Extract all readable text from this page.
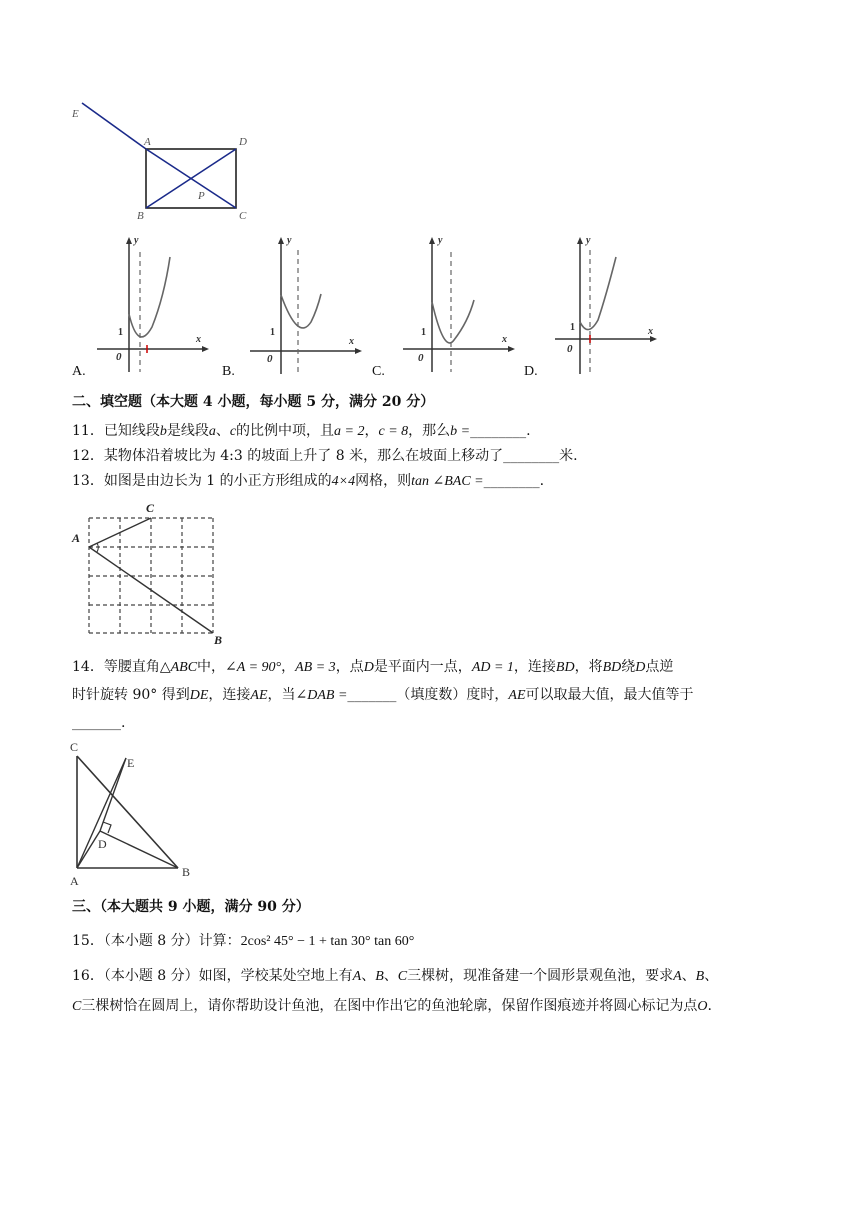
E
A	D
P
B	C
y
x
0
1
A.
y
x
0
1
B.
y
x
0
1
C.
y
x
0
1
D.
二、填空题（本大题 4 小题，每小题 5 分，满分 20 分）
11．已知线段b是线段a、c的比例中项，且a = 2，c = 8，那么b =________.
12．某物体沿着坡比为 4:3 的坡面上升了 8 米，那么在坡面上移动了________米.
13．如图是由边长为 1 的小正方形组成的4×4网格，则tan ∠BAC =________.
A
C
B
14．等腰直角△ABC中，∠A = 90°，AB = 3，点D是平面内一点，AD = 1，连接BD，将BD绕D点逆
时针旋转 90° 得到DE，连接AE，当∠DAB =_______（填度数）度时，AE可以取最大值，最大值等于
_______.
C
E
D
A
B
三、（本大题共 9 小题，满分 90 分）
15．（本小题 8 分）计算：2cos² 45° − 1 + tan 30° tan 60°
16．（本小题 8 分）如图，学校某处空地上有A、B、C三棵树，现准备建一个圆形景观鱼池，要求A、B、
C三棵树恰在圆周上，请你帮助设计鱼池，在图中作出它的鱼池轮廓，保留作图痕迹并将圆心标记为点O.
